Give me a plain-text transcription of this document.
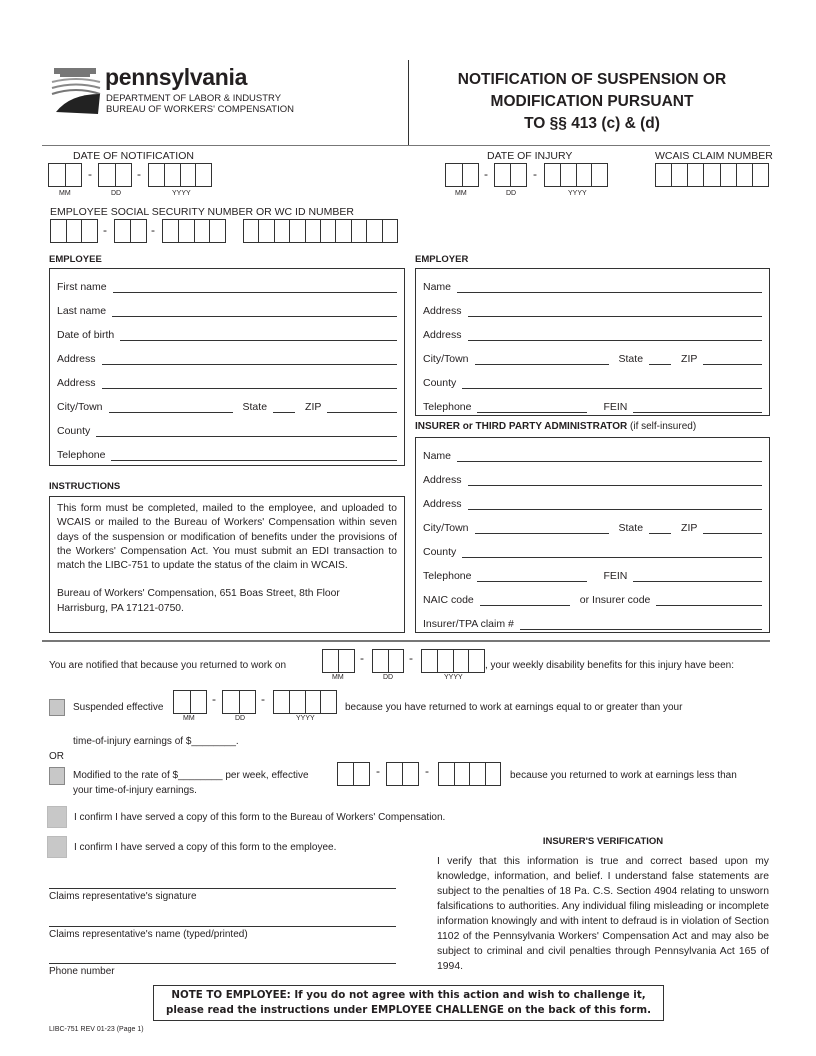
pennsylvania
DEPARTMENT OF LABOR & INDUSTRY
BUREAU OF WORKERS' COMPENSATION
NOTIFICATION OF SUSPENSION OR
MODIFICATION PURSUANT
TO §§ 413 (c) & (d)
DATE OF NOTIFICATION
-	-
MM	DD	YYYY
EMPLOYEE SOCIAL SECURITY NUMBER OR WC ID NUMBER
-	-
DATE OF INJURY
-	-
MM	DD	YYYY
WCAIS CLAIM NUMBER
EMPLOYEE
First name
Last name
Date of birth
Address
Address
City/Town	State	ZIP
County
Telephone
EMPLOYER
Name
Address
Address
City/Town	State	ZIP
County
Telephone	FEIN
INSURER or THIRD PARTY ADMINISTRATOR (if self-insured)
Name
Address
Address
City/Town	State	ZIP
County
Telephone	FEIN
NAIC code	or Insurer code
Insurer/TPA claim #
INSTRUCTIONS
This form must be completed, mailed to the employee, and uploaded to WCAIS or mailed to the Bureau of Workers' Compensation within seven days of the suspension or modification of benefits under the provisions of the Workers' Compensation Act. You must submit an EDI transaction to match the LIBC-751 to update the status of the claim in WCAIS.
Bureau of Workers' Compensation, 651 Boas Street, 8th Floor
Harrisburg, PA 17121-0750.
You are notified that because you returned to work on
-	-
MM	DD	YYYY
, your weekly disability benefits for this injury have been:
Suspended effective
-	-
MM	DD	YYYY
because you have returned to work at earnings equal to or greater than your
time-of-injury earnings of $________.
OR
Modified to the rate of $________ per week, effective	-	-	because you returned to work at earnings less than
your time-of-injury earnings.
I confirm I have served a copy of this form to the Bureau of Workers' Compensation.
I confirm I have served a copy of this form to the employee.
INSURER'S VERIFICATION
I verify that this information is true and correct based upon my knowledge, information, and belief. I understand false statements are subject to the penalties of 18 Pa. C.S. Section 4904 relating to unsworn falsifications to authorities. Any individual filing misleading or incomplete information knowingly and with intent to defraud is in violation of Section 1102 of the Pennsylvania Workers' Compensation Act and may also be subject to criminal and civil penalties through Pennsylvania Act 165 of 1994.
Claims representative's signature
Claims representative's name (typed/printed)
Phone number
NOTE TO EMPLOYEE: If you do not agree with this action and wish to challenge it,
please read the instructions under EMPLOYEE CHALLENGE on the back of this form.
LIBC-751 REV 01-23 (Page 1)
